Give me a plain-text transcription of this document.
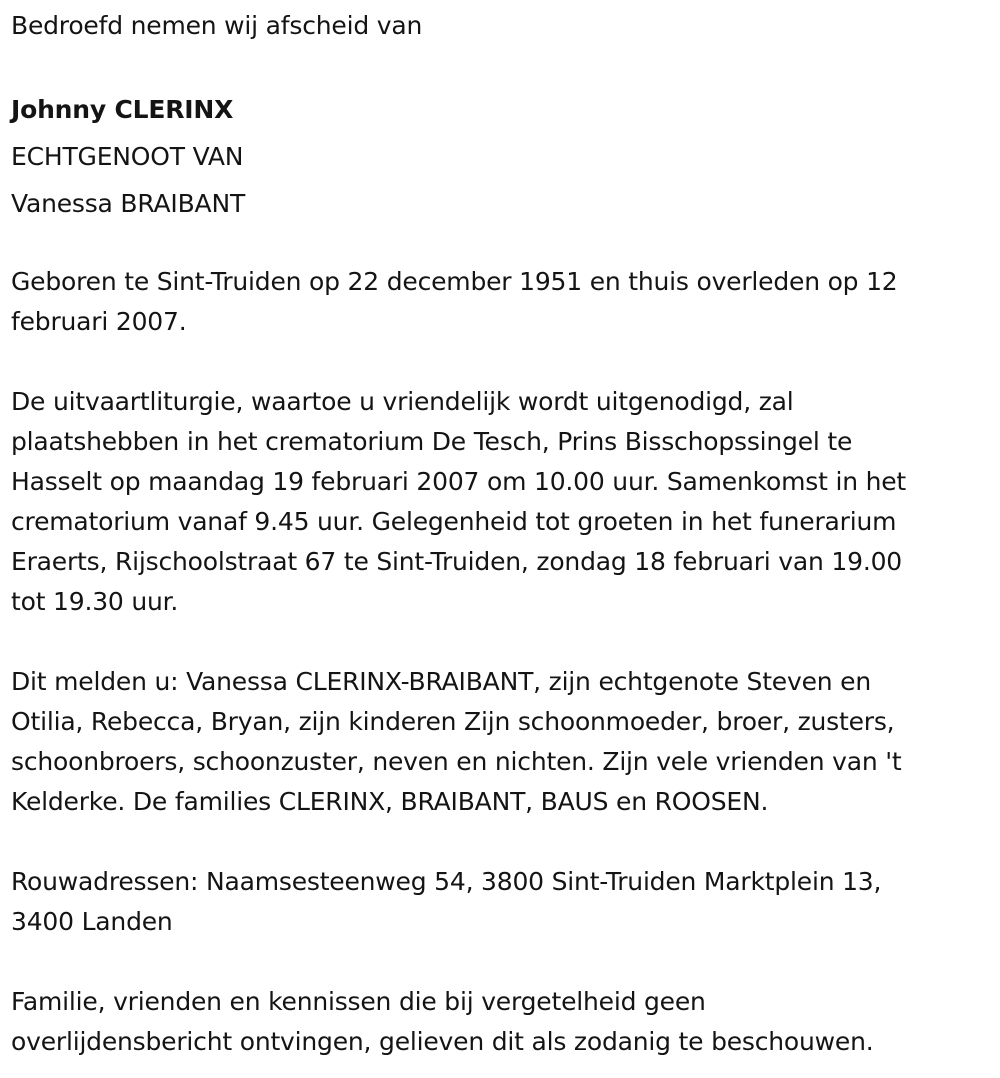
Bedroefd nemen wij afscheid van

Johnny CLERINX

ECHTGENOOT VAN

Vanessa BRAIBANT

Geboren te Sint-Truiden op 22 december 1951 en thuis overleden op 12

februari 2007.

De uitvaartliturgie, waartoe u vriendelijk wordt uitgenodigd, zal

plaatshebben in het crematorium De Tesch, Prins Bisschopssingel te

Hasselt op maandag 19 februari 2007 om 10.00 uur. Samenkomst in het

crematorium vanaf 9.45 uur. Gelegenheid tot groeten in het funerarium

Eraerts, Rijschoolstraat 67 te Sint-Truiden, zondag 18 februari van 19.00

tot 19.30 uur.

Dit melden u: Vanessa CLERINX-BRAIBANT, zijn echtgenote Steven en

Otilia, Rebecca, Bryan, zijn kinderen Zijn schoonmoeder, broer, zusters,

schoonbroers, schoonzuster, neven en nichten. Zijn vele vrienden van 't

Kelderke. De families CLERINX, BRAIBANT, BAUS en ROOSEN.

Rouwadressen: Naamsesteenweg 54, 3800 Sint-Truiden Marktplein 13,

3400 Landen

Familie, vrienden en kennissen die bij vergetelheid geen

overlijdensbericht ontvingen, gelieven dit als zodanig te beschouwen.
